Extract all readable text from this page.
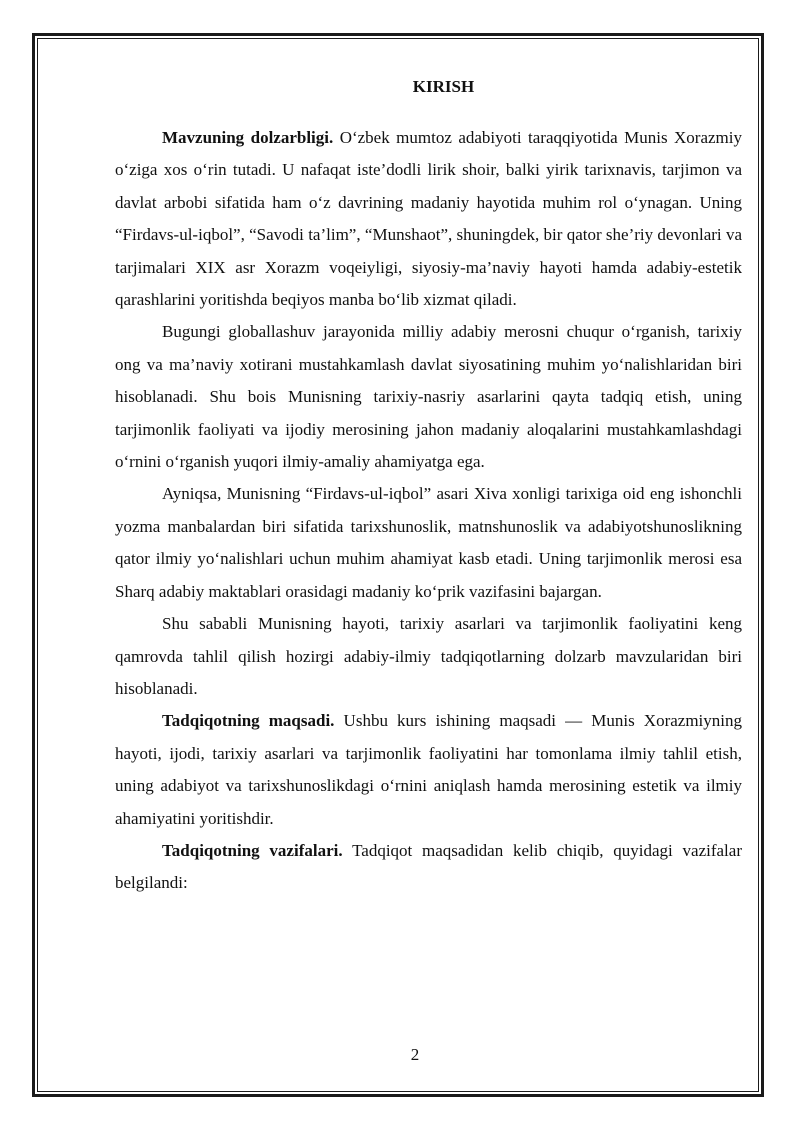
KIRISH

Mavzuning dolzarbligi. O‘zbek mumtoz adabiyoti taraqqiyotida Munis Xorazmiy o‘ziga xos o‘rin tutadi. U nafaqat iste’dodli lirik shoir, balki yirik tarixnavis, tarjimon va davlat arbobi sifatida ham o‘z davrining madaniy hayotida muhim rol o‘ynagan. Uning “Firdavs-ul-iqbol”, “Savodi ta’lim”, “Munshaot”, shuningdek, bir qator she’riy devonlari va tarjimalari XIX asr Xorazm voqeiyligi, siyosiy-ma’naviy hayoti hamda adabiy-estetik qarashlarini yoritishda beqiyos manba bo‘lib xizmat qiladi.

Bugungi globallashuv jarayonida milliy adabiy merosni chuqur o‘rganish, tarixiy ong va ma’naviy xotirani mustahkamlash davlat siyosatining muhim yo‘nalishlaridan biri hisoblanadi. Shu bois Munisning tarixiy-nasriy asarlarini qayta tadqiq etish, uning tarjimonlik faoliyati va ijodiy merosining jahon madaniy aloqalarini mustahkamlashdagi o‘rnini o‘rganish yuqori ilmiy-amaliy ahamiyatga ega.

Ayniqsa, Munisning “Firdavs-ul-iqbol” asari Xiva xonligi tarixiga oid eng ishonchli yozma manbalardan biri sifatida tarixshunoslik, matnshunoslik va adabiyotshunoslikning qator ilmiy yo‘nalishlari uchun muhim ahamiyat kasb etadi. Uning tarjimonlik merosi esa Sharq adabiy maktablari orasidagi madaniy ko‘prik vazifasini bajargan.

Shu sababli Munisning hayoti, tarixiy asarlari va tarjimonlik faoliyatini keng qamrovda tahlil qilish hozirgi adabiy-ilmiy tadqiqotlarning dolzarb mavzularidan biri hisoblanadi.

Tadqiqotning maqsadi. Ushbu kurs ishining maqsadi — Munis Xorazmiyning hayoti, ijodi, tarixiy asarlari va tarjimonlik faoliyatini har tomonlama ilmiy tahlil etish, uning adabiyot va tarixshunoslikdagi o‘rnini aniqlash hamda merosining estetik va ilmiy ahamiyatini yoritishdir.

Tadqiqotning vazifalari. Tadqiqot maqsadidan kelib chiqib, quyidagi vazifalar belgilandi:

2
